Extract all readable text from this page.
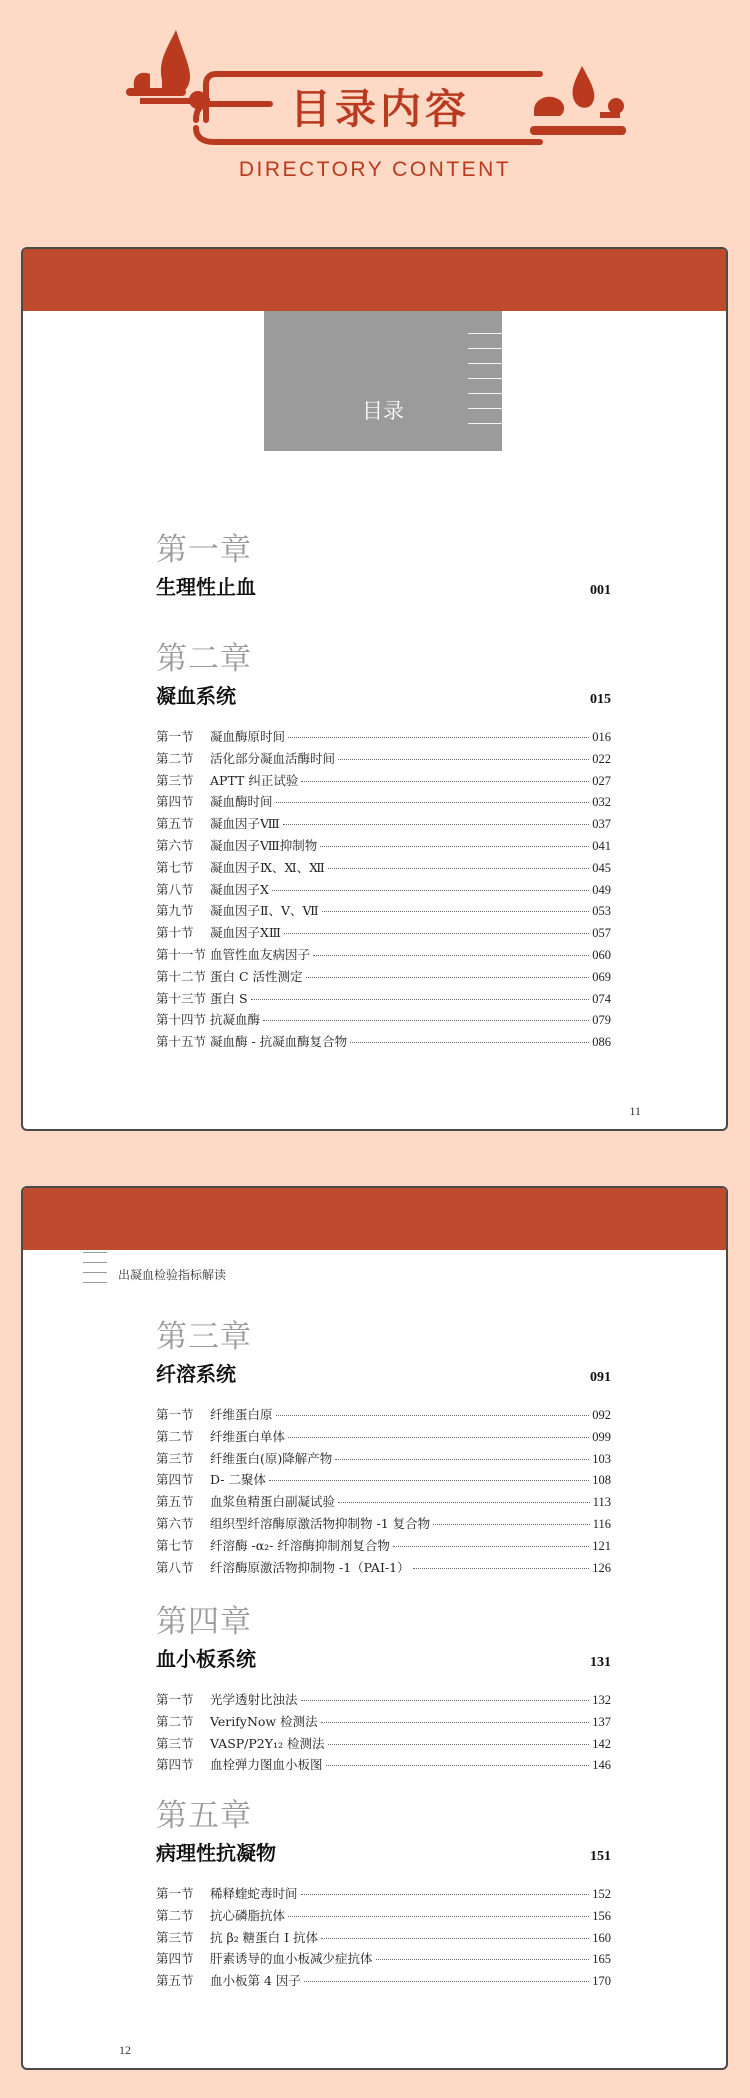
目录内容
DIRECTORY CONTENT
目录
第一章
生理性止血	001
第二章
凝血系统	015
第一节	凝血酶原时间	016
第二节	活化部分凝血活酶时间	022
第三节	APTT 纠正试验	027
第四节	凝血酶时间	032
第五节	凝血因子Ⅷ	037
第六节	凝血因子Ⅷ抑制物	041
第七节	凝血因子Ⅸ、Ⅺ、Ⅻ	045
第八节	凝血因子Ⅹ	049
第九节	凝血因子Ⅱ、Ⅴ、Ⅶ	053
第十节	凝血因子ⅩⅢ	057
第十一节 血管性血友病因子	060
第十二节 蛋白 C 活性测定	069
第十三节 蛋白 S	074
第十四节 抗凝血酶	079
第十五节 凝血酶 - 抗凝血酶复合物	086
11
出凝血检验指标解读
第三章
纤溶系统	091
第一节	纤维蛋白原	092
第二节	纤维蛋白单体	099
第三节	纤维蛋白(原)降解产物	103
第四节	D- 二聚体	108
第五节	血浆鱼精蛋白副凝试验	113
第六节	组织型纤溶酶原激活物抑制物 -1 复合物	116
第七节	纤溶酶 -α₂- 纤溶酶抑制剂复合物	121
第八节	纤溶酶原激活物抑制物 -1（PAI-1）	126
第四章
血小板系统	131
第一节	光学透射比浊法	132
第二节	VerifyNow 检测法	137
第三节	VASP/P2Y₁₂ 检测法	142
第四节	血栓弹力图血小板图	146
第五章
病理性抗凝物	151
第一节	稀释蝰蛇毒时间	152
第二节	抗心磷脂抗体	156
第三节	抗 β₂ 糖蛋白 Ⅰ 抗体	160
第四节	肝素诱导的血小板减少症抗体	165
第五节	血小板第 4 因子	170
12
